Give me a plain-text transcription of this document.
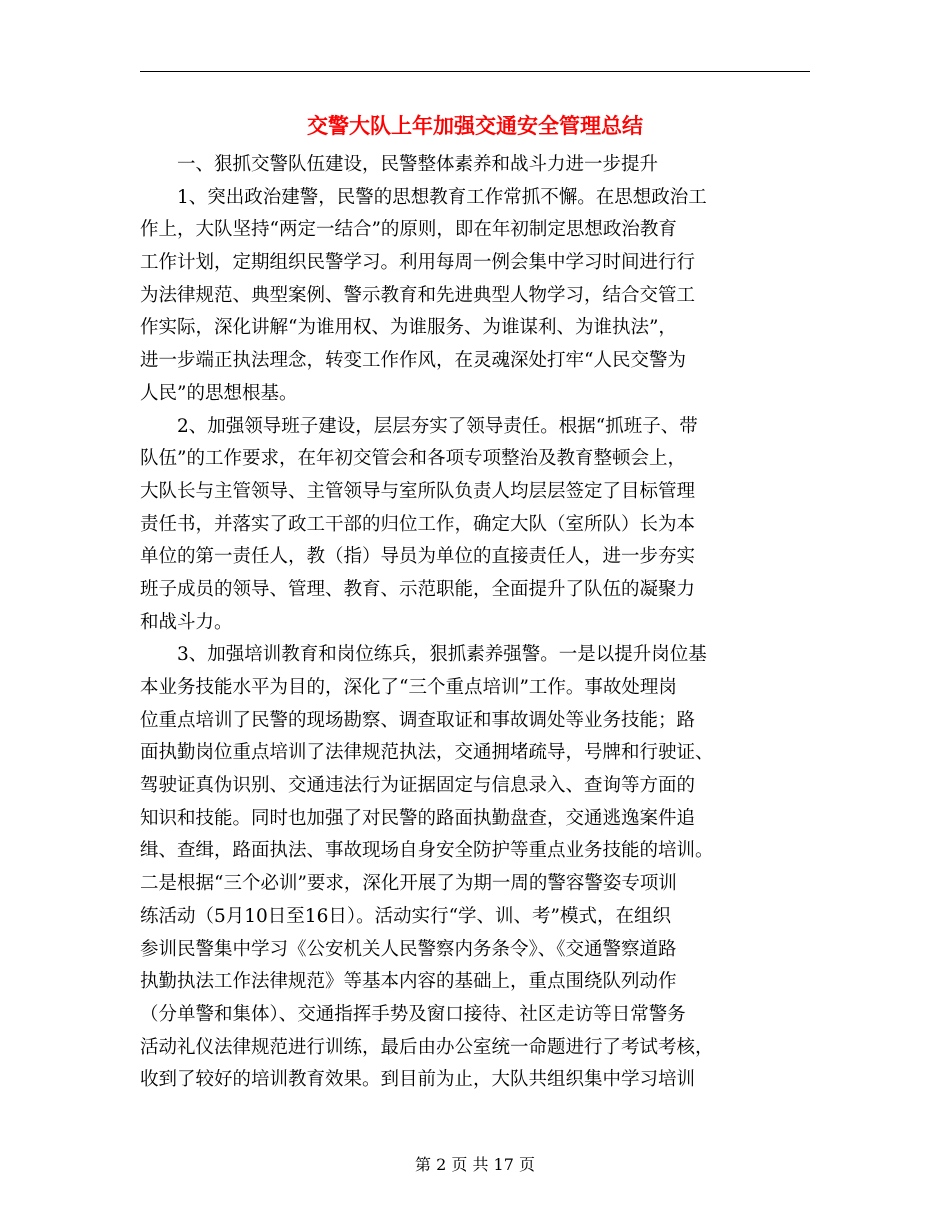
交警大队上年加强交通安全管理总结
　　一、狠抓交警队伍建设，民警整体素养和战斗力进一步提升
　　1、突出政治建警，民警的思想教育工作常抓不懈。在思想政治工
作上，大队坚持“两定一结合”的原则，即在年初制定思想政治教育
工作计划，定期组织民警学习。利用每周一例会集中学习时间进行行
为法律规范、典型案例、警示教育和先进典型人物学习，结合交管工
作实际，深化讲解“为谁用权、为谁服务、为谁谋利、为谁执法”，
进一步端正执法理念，转变工作作风，在灵魂深处打牢“人民交警为
人民”的思想根基。
　　2、加强领导班子建设，层层夯实了领导责任。根据“抓班子、带
队伍”的工作要求，在年初交管会和各项专项整治及教育整顿会上，
大队长与主管领导、主管领导与室所队负责人均层层签定了目标管理
责任书，并落实了政工干部的归位工作，确定大队（室所队）长为本
单位的第一责任人，教（指）导员为单位的直接责任人，进一步夯实
班子成员的领导、管理、教育、示范职能，全面提升了队伍的凝聚力
和战斗力。
　　3、加强培训教育和岗位练兵，狠抓素养强警。一是以提升岗位基
本业务技能水平为目的，深化了“三个重点培训”工作。事故处理岗
位重点培训了民警的现场勘察、调查取证和事故调处等业务技能；路
面执勤岗位重点培训了法律规范执法，交通拥堵疏导，号牌和行驶证、
驾驶证真伪识别、交通违法行为证据固定与信息录入、查询等方面的
知识和技能。同时也加强了对民警的路面执勤盘查，交通逃逸案件追
缉、查缉，路面执法、事故现场自身安全防护等重点业务技能的培训。
二是根据“三个必训”要求，深化开展了为期一周的警容警姿专项训
练活动（5月10日至16日）。活动实行“学、训、考”模式，在组织
参训民警集中学习《公安机关人民警察内务条令》、《交通警察道路
执勤执法工作法律规范》等基本内容的基础上，重点围绕队列动作
（分单警和集体）、交通指挥手势及窗口接待、社区走访等日常警务
活动礼仪法律规范进行训练，最后由办公室统一命题进行了考试考核，
收到了较好的培训教育效果。到目前为止，大队共组织集中学习培训
第 2 页 共 17 页
